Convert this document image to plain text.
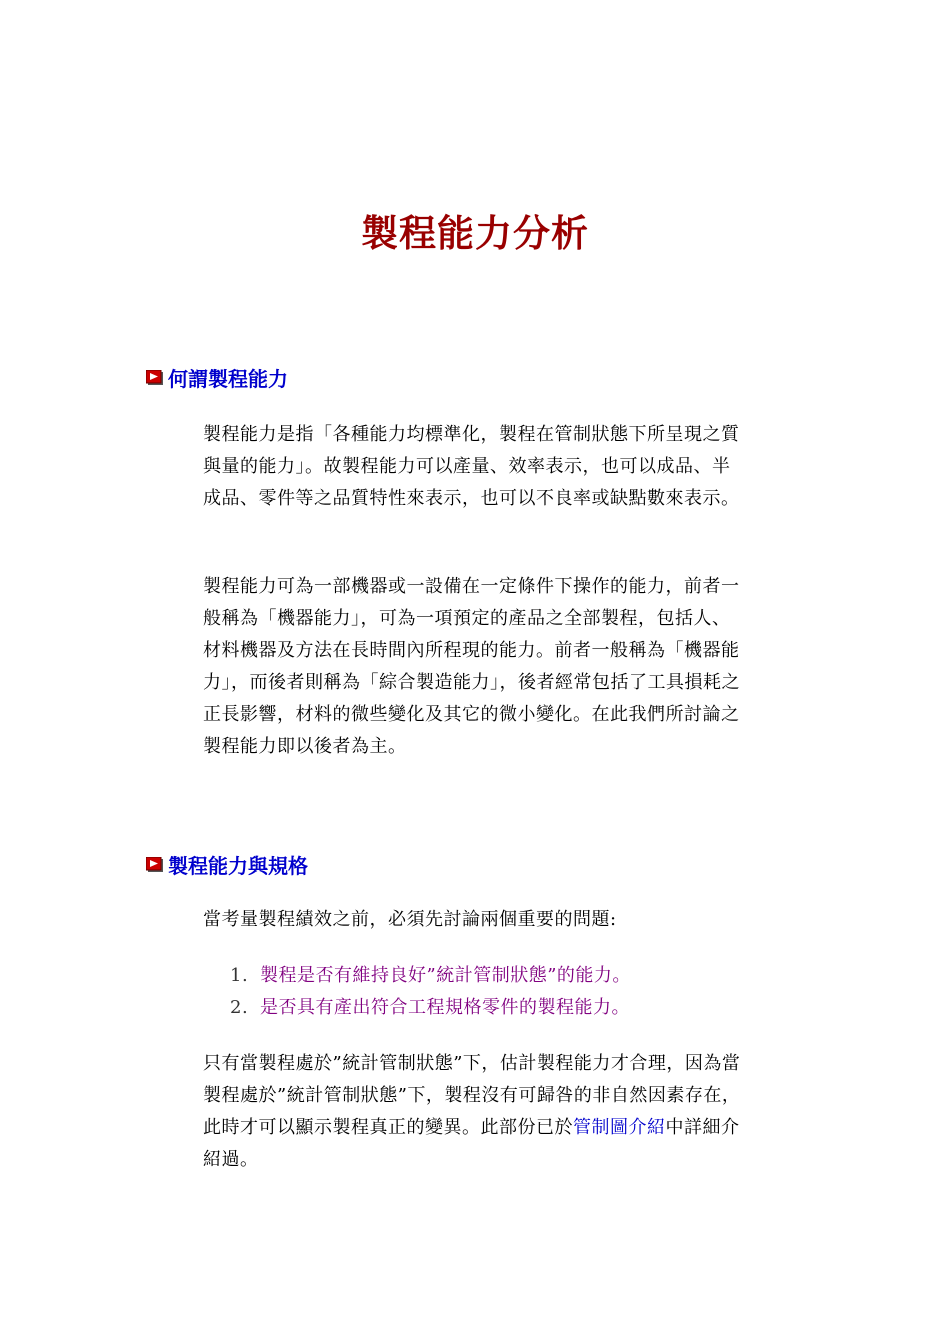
製程能力分析
何謂製程能力

製程能力是指「各種能力均標準化，製程在管制狀態下所呈現之質與量的能力」。故製程能力可以產量、效率表示，也可以成品、半成品、零件等之品質特性來表示，也可以不良率或缺點數來表示。

製程能力可為一部機器或一設備在一定條件下操作的能力，前者一般稱為「機器能力」，可為一項預定的產品之全部製程，包括人、材料機器及方法在長時間內所程現的能力。前者一般稱為「機器能力」，而後者則稱為「綜合製造能力」，後者經常包括了工具損耗之正長影響，材料的微些變化及其它的微小變化。在此我們所討論之製程能力即以後者為主。

製程能力與規格

當考量製程績效之前，必須先討論兩個重要的問題:

1. 製程是否有維持良好”統計管制狀態”的能力。
2. 是否具有產出符合工程規格零件的製程能力。

只有當製程處於”統計管制狀態”下，估計製程能力才合理，因為當製程處於”統計管制狀態”下，製程沒有可歸咎的非自然因素存在，此時才可以顯示製程真正的變異。此部份已於管制圖介紹中詳細介紹過。
